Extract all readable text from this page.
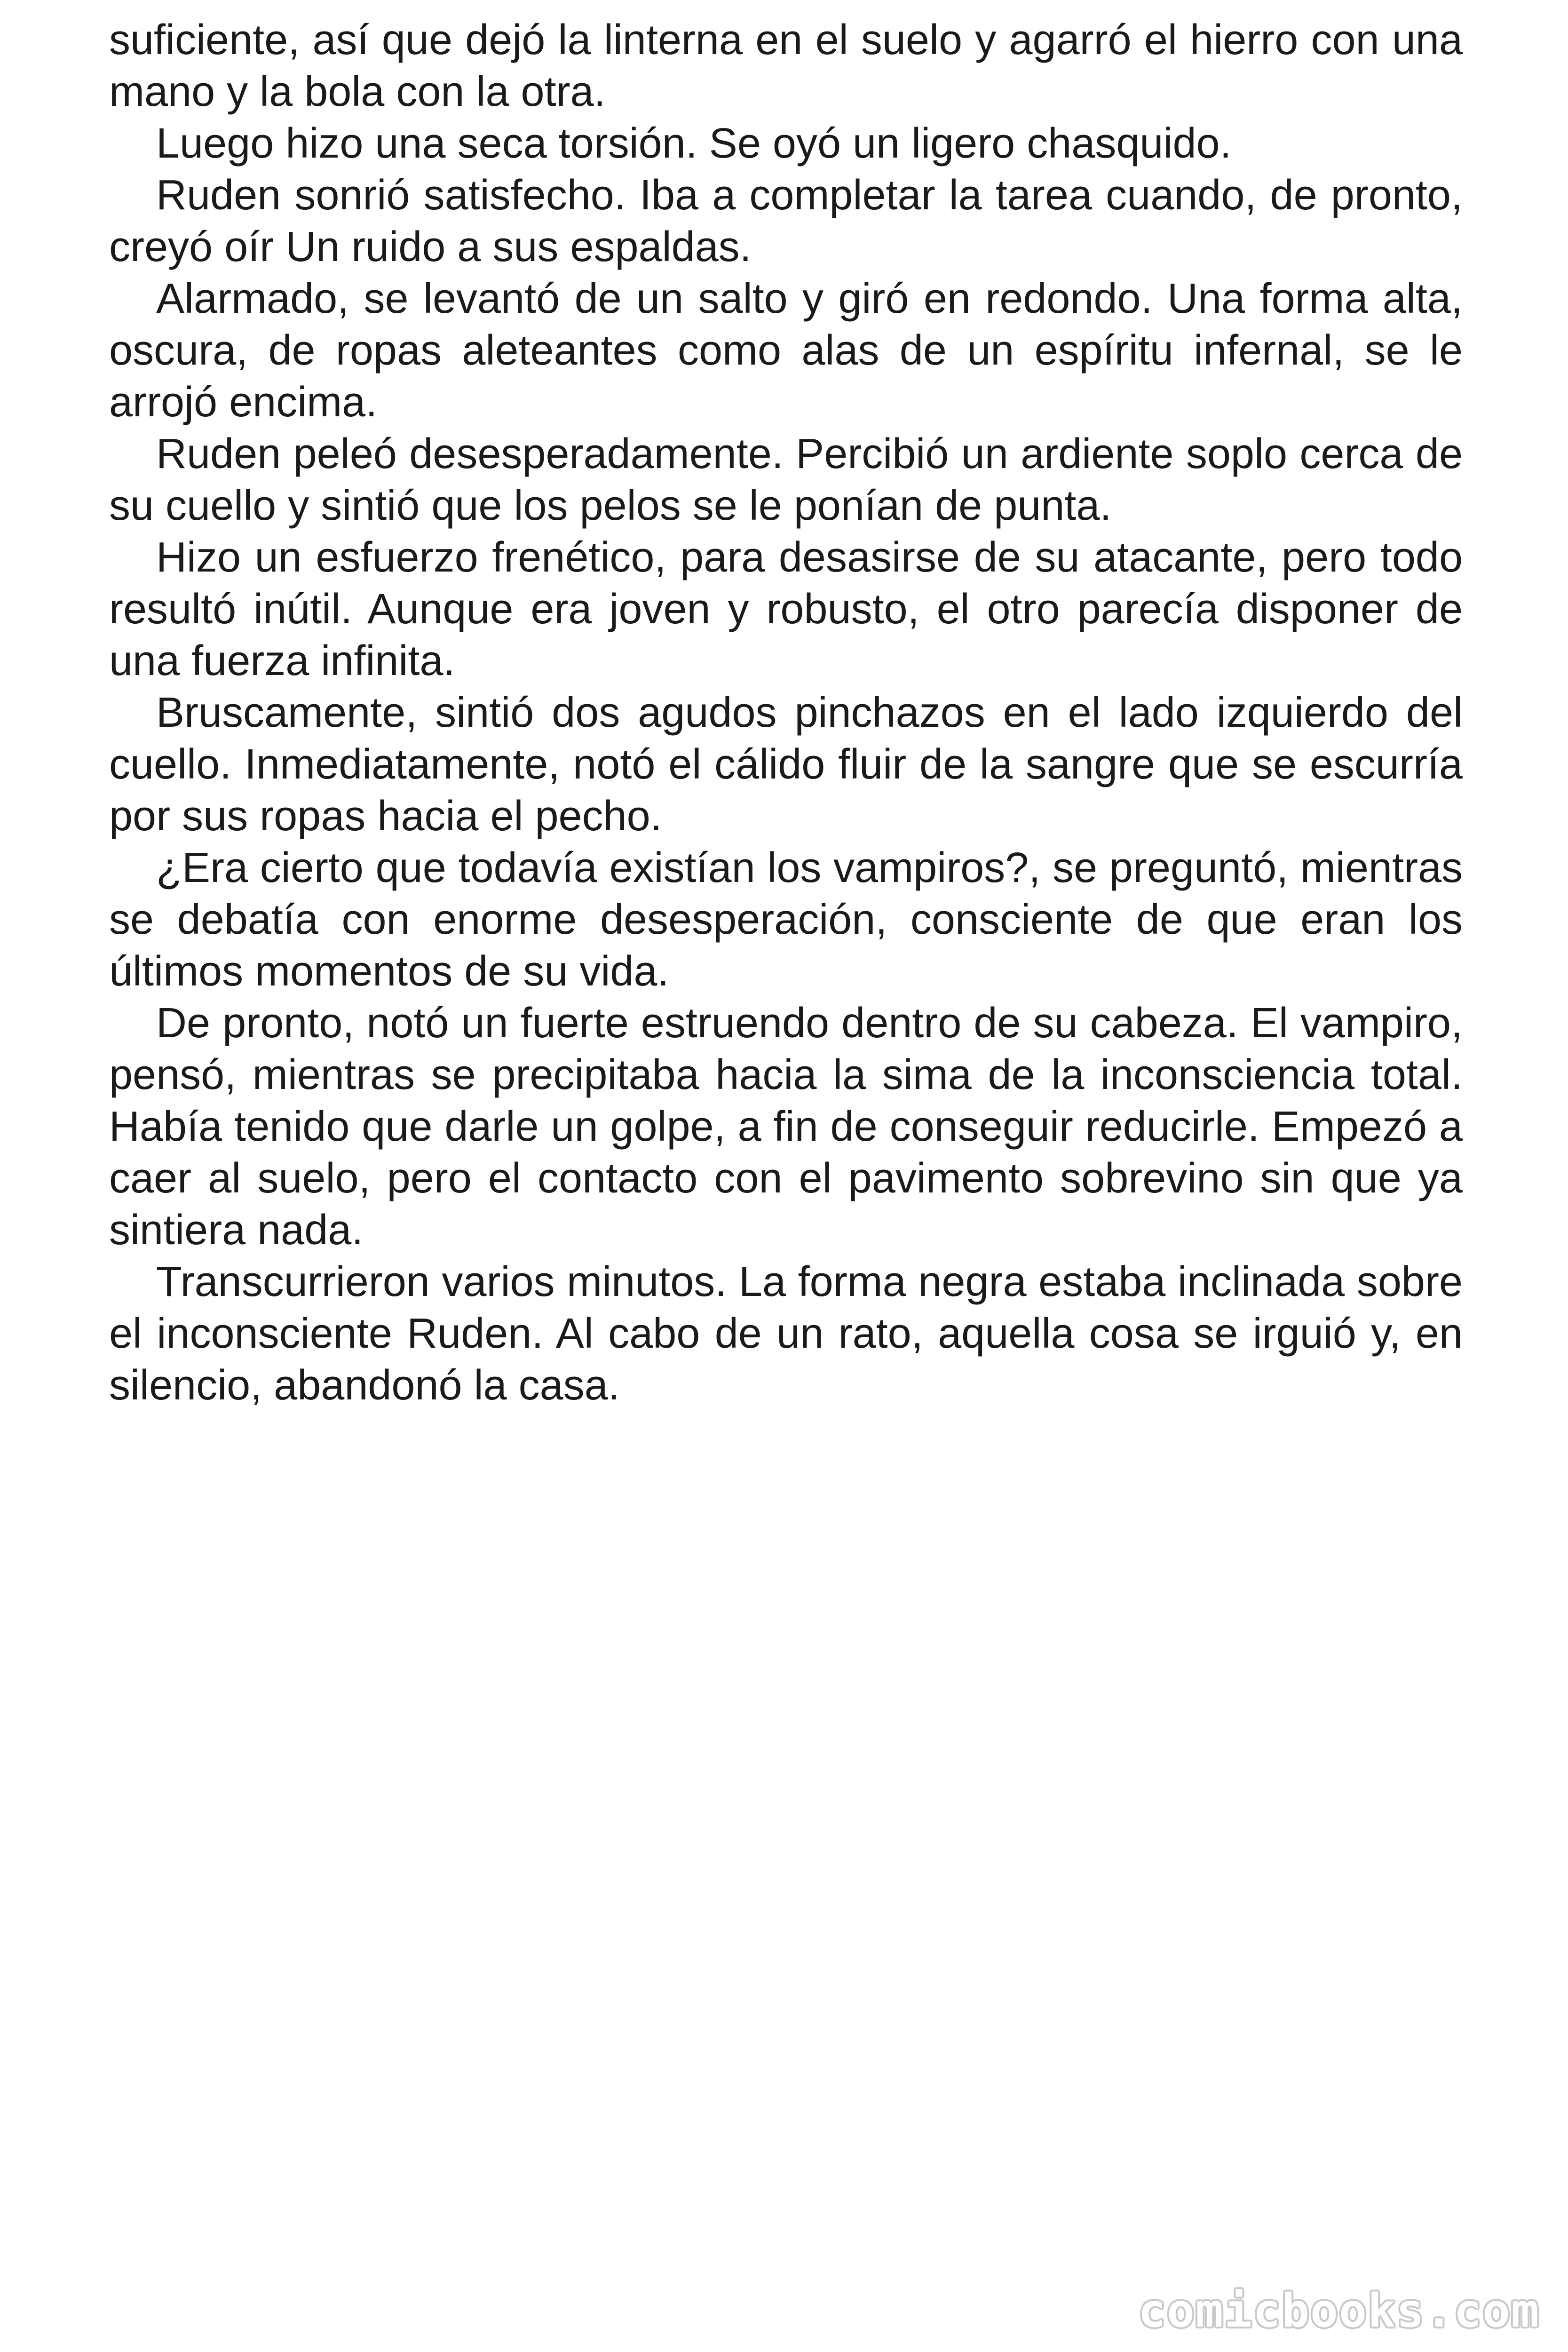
suficiente, así que dejó la linterna en el suelo y agarró el hierro con una mano y la bola con la otra.

Luego hizo una seca torsión. Se oyó un ligero chasquido.

Ruden sonrió satisfecho. Iba a completar la tarea cuando, de pronto, creyó oír Un ruido a sus espaldas.

Alarmado, se levantó de un salto y giró en redondo. Una forma alta, oscura, de ropas aleteantes como alas de un espíritu infernal, se le arrojó encima.

Ruden peleó desesperadamente. Percibió un ardiente soplo cerca de su cuello y sintió que los pelos se le ponían de punta.

Hizo un esfuerzo frenético, para desasirse de su atacante, pero todo resultó inútil. Aunque era joven y robusto, el otro parecía disponer de una fuerza infinita.

Bruscamente, sintió dos agudos pinchazos en el lado izquierdo del cuello. Inmediatamente, notó el cálido fluir de la sangre que se escurría por sus ropas hacia el pecho.

¿Era cierto que todavía existían los vampiros?, se preguntó, mientras se debatía con enorme desesperación, consciente de que eran los últimos momentos de su vida.

De pronto, notó un fuerte estruendo dentro de su cabeza. El vampiro, pensó, mientras se precipitaba hacia la sima de la inconsciencia total. Había tenido que darle un golpe, a fin de conseguir reducirle. Empezó a caer al suelo, pero el contacto con el pavimento sobrevino sin que ya sintiera nada.

Transcurrieron varios minutos. La forma negra estaba inclinada sobre el inconsciente Ruden. Al cabo de un rato, aquella cosa se irguió y, en silencio, abandonó la casa.

comicbooks.com
